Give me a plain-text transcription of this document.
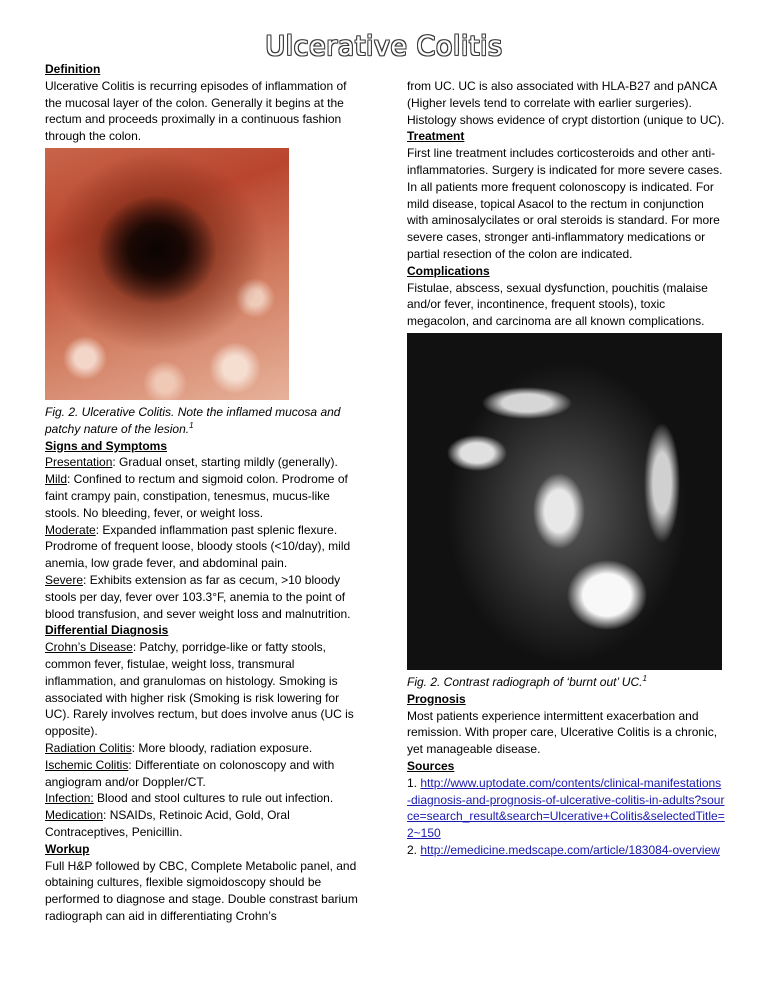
Ulcerative Colitis

Definition

Ulcerative Colitis is recurring episodes of inflammation of the mucosal layer of the colon. Generally it begins at the rectum and proceeds proximally in a continuous fashion through the colon.

Fig. 2. Ulcerative Colitis. Note the inflamed mucosa and patchy nature of the lesion.$^1$

Signs and Symptoms

Presentation: Gradual onset, starting mildly (generally).

Mild: Confined to rectum and sigmoid colon. Prodrome of faint crampy pain, constipation, tenesmus, mucus-like stools. No bleeding, fever, or weight loss.

Moderate: Expanded inflammation past splenic flexure. Prodrome of frequent loose, bloody stools (<10/day), mild anemia, low grade fever, and abdominal pain.

Severe: Exhibits extension as far as cecum, >10 bloody stools per day, fever over 103.3°F, anemia to the point of blood transfusion, and sever weight loss and malnutrition.

Differential Diagnosis

Crohn’s Disease: Patchy, porridge-like or fatty stools, common fever, fistulae, weight loss, transmural inflammation, and granulomas on histology. Smoking is associated with higher risk (Smoking is risk lowering for UC). Rarely involves rectum, but does involve anus (UC is opposite).

Radiation Colitis: More bloody, radiation exposure.

Ischemic Colitis: Differentiate on colonoscopy and with angiogram and/or Doppler/CT.

Infection: Blood and stool cultures to rule out infection.

Medication: NSAIDs, Retinoic Acid, Gold, Oral Contraceptives, Penicillin.

Workup

Full H&P followed by CBC, Complete Metabolic panel, and obtaining cultures, flexible sigmoidoscopy should be performed to diagnose and stage. Double constrast barium radiograph can aid in differentiating Crohn’s

from UC. UC is also associated with HLA-B27 and pANCA (Higher levels tend to correlate with earlier surgeries). Histology shows evidence of crypt distortion (unique to UC).

Treatment

First line treatment includes corticosteroids and other anti-inflammatories. Surgery is indicated for more severe cases. In all patients more frequent colonoscopy is indicated. For mild disease, topical Asacol to the rectum in conjunction with aminosalycilates or oral steroids is standard. For more severe cases, stronger anti-inflammatory medications or partial resection of the colon are indicated.

Complications

Fistulae, abscess, sexual dysfunction, pouchitis (malaise and/or fever, incontinence, frequent stools), toxic megacolon, and carcinoma are all known complications.

Fig. 2. Contrast radiograph of ‘burnt out’ UC.$^1$

Prognosis

Most patients experience intermittent exacerbation and remission. With proper care, Ulcerative Colitis is a chronic, yet manageable disease.

Sources

1. http://www.uptodate.com/contents/clinical-manifestations-diagnosis-and-prognosis-of-ulcerative-colitis-in-adults?source=search_result&search=Ulcerative+Colitis&selectedTitle=2~150

2. http://emedicine.medscape.com/article/183084-overview
